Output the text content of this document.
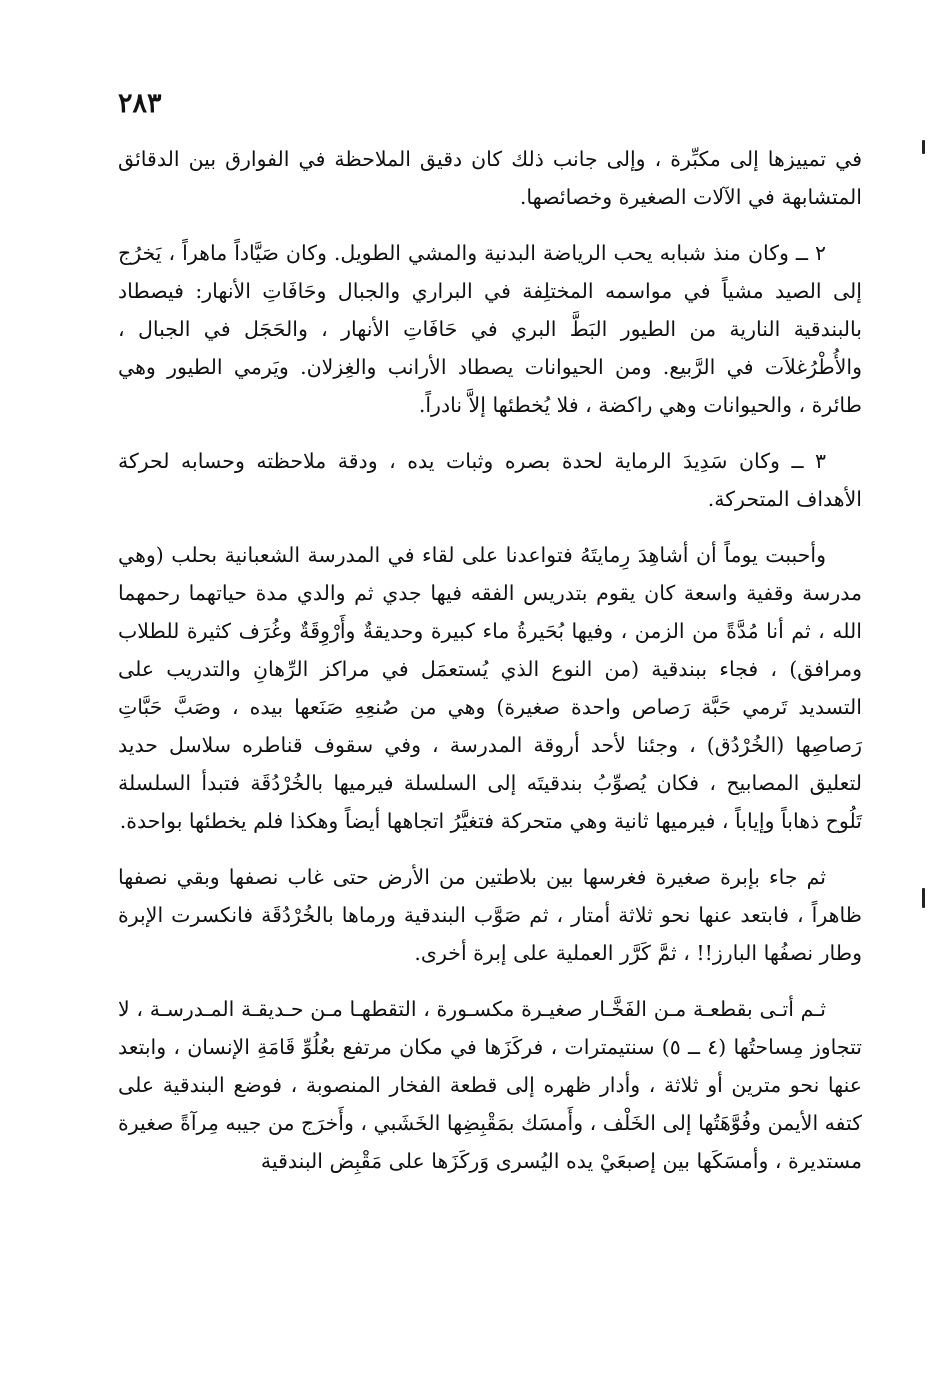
٢٨٣

في تمييزها إلى مكبِّرة ، وإلى جانب ذلك كان دقيق الملاحظة في الفوارق بين الدقائق المتشابهة في الآلات الصغيرة وخصائصها.

٢ ــ وكان منذ شبابه يحب الرياضة البدنية والمشي الطويل. وكان صَيَّاداً ماهراً ، يَخرُج إلى الصيد مشياً في مواسمه المختلِفة في البراري والجبال وحَافَاتِ الأنهار: فيصطاد بالبندقية النارية من الطيور البَطَّ البري في حَافَاتِ الأنهار ، والحَجَل في الجبال ، والأُطْرُغلاَت في الرَّبيع. ومن الحيوانات يصطاد الأرانب والغِزلان. ويَرمي الطيور وهي طائرة ، والحيوانات وهي راكضة ، فلا يُخطئها إلاَّ نادراً.

٣ ــ وكان سَدِيدَ الرماية لحدة بصره وثبات يده ، ودقة ملاحظته وحسابه لحركة الأهداف المتحركة.

وأحببت يوماً أن أشاهِدَ رِمايتَهُ فتواعدنا على لقاء في المدرسة الشعبانية بحلب (وهي مدرسة وقفية واسعة كان يقوم بتدريس الفقه فيها جدي ثم والدي مدة حياتهما رحمهما الله ، ثم أنا مُدَّةً من الزمن ، وفيها بُحَيرةُ ماء كبيرة وحديقةٌ وأَرْوِقَةٌ وغُرَف كثيرة للطلاب ومرافق) ، فجاء ببندقية (من النوع الذي يُستعمَل في مراكز الرِّهانِ والتدريب على التسديد تَرمي حَبَّة رَصاص واحدة صغيرة) وهي من صُنعِهِ صَنَعها بيده ، وصَبَّ حَبَّاتِ رَصاصِها (الخُرْدُق) ، وجئنا لأحد أروقة المدرسة ، وفي سقوف قناطره سلاسل حديد لتعليق المصابيح ، فكان يُصوِّبُ بندقيتَه إلى السلسلة فيرميها بالخُرْدُقَة فتبدأ السلسلة تَلُوح ذهاباً وإياباً ، فيرميها ثانية وهي متحركة فتغيَّرُ اتجاهها أيضاً وهكذا فلم يخطئها بواحدة.

ثم جاء بإبرة صغيرة فغرسها بين بلاطتين من الأرض حتى غاب نصفها وبقي نصفها ظاهراً ، فابتعد عنها نحو ثلاثة أمتار ، ثم صَوَّب البندقية ورماها بالخُرْدُقَة فانكسرت الإبرة وطار نصفُها البارز!! ، ثمَّ كَرَّر العملية على إبرة أخرى.

ثـم أتـى بقطعـة مـن الفَخَّـار صغيـرة مكسـورة ، التقطهـا مـن حـديقـة المـدرسـة ، لا تتجاوز مِساحتُها (٤ ــ ٥) سنتيمترات ، فركَزَها في مكان مرتفع بعُلُوِّ قَامَةِ الإنسان ، وابتعد عنها نحو مترين أو ثلاثة ، وأدار ظهره إلى قطعة الفخار المنصوبة ، فوضع البندقية على كتفه الأيمن وفُوَّهَتُها إلى الخَلْف ، وأَمسَك بمَقْبِضِها الخَشَبي ، وأَخرَج من جيبه مِرآةً صغيرة مستديرة ، وأمسَكَها بين إصبعَيْ يده اليُسرى وَركَزَها على مَقْبِض البندقية
